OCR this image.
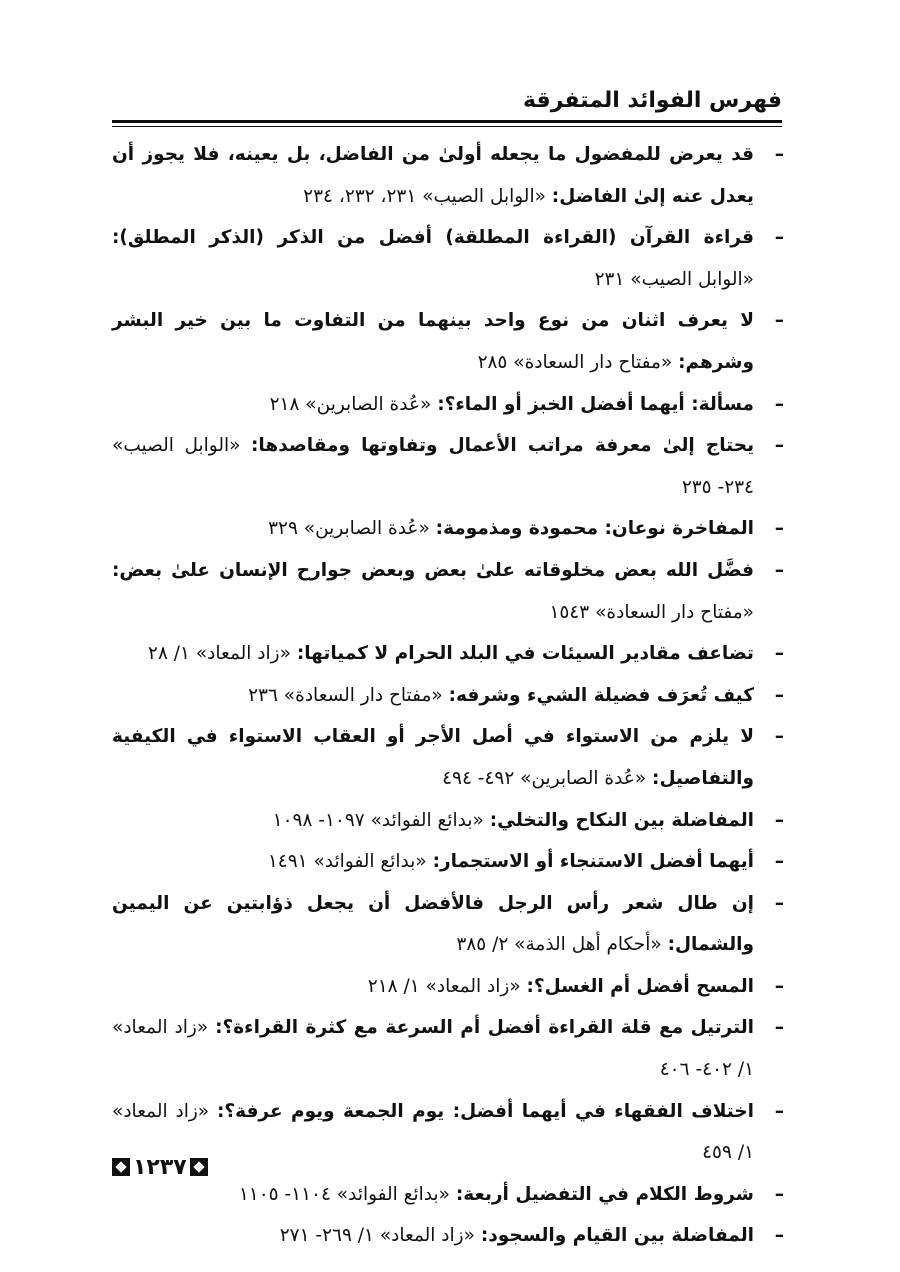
فهرس الفوائد المتفرقة
–
قد يعرض للمفضول ما يجعله أولىٰ من الفاضل، بل يعينه، فلا يجوز أن يعدل عنه إلىٰ الفاضل: «الوابل الصيب» ٢٣١، ٢٣٢، ٢٣٤
–
قراءة القرآن (القراءة المطلقة) أفضل من الذكر (الذكر المطلق): «الوابل الصيب» ٢٣١
–
لا يعرف اثنان من نوع واحد بينهما من التفاوت ما بين خير البشر وشرهم: «مفتاح دار السعادة» ٢٨٥
–
مسألة: أيهما أفضل الخبز أو الماء؟: «عُدة الصابرين» ٢١٨
–
يحتاج إلىٰ معرفة مراتب الأعمال وتفاوتها ومقاصدها: «الوابل الصيب» ٢٣٤- ٢٣٥
–
المفاخرة نوعان: محمودة ومذمومة: «عُدة الصابرين» ٣٢٩
–
فضَّل الله بعض مخلوقاته علىٰ بعض وبعض جوارح الإنسان علىٰ بعض: «مفتاح دار السعادة» ١٥٤٣
–
تضاعف مقادير السيئات في البلد الحرام لا كمياتها: «زاد المعاد» ١/ ٢٨
–
كيف تُعرَف فضيلة الشيء وشرفه: «مفتاح دار السعادة» ٢٣٦
–
لا يلزم من الاستواء في أصل الأجر أو العقاب الاستواء في الكيفية والتفاصيل: «عُدة الصابرين» ٤٩٢- ٤٩٤
–
المفاضلة بين النكاح والتخلي: «بدائع الفوائد» ١٠٩٧- ١٠٩٨
–
أيهما أفضل الاستنجاء أو الاستجمار: «بدائع الفوائد» ١٤٩١
–
إن طال شعر رأس الرجل فالأفضل أن يجعل ذؤابتين عن اليمين والشمال: «أحكام أهل الذمة» ٢/ ٣٨٥
–
المسح أفضل أم الغسل؟: «زاد المعاد» ١/ ٢١٨
–
الترتيل مع قلة القراءة أفضل أم السرعة مع كثرة القراءة؟: «زاد المعاد» ١/ ٤٠٢- ٤٠٦
–
اختلاف الفقهاء في أيهما أفضل: يوم الجمعة ويوم عرفة؟: «زاد المعاد» ١/ ٤٥٩
–
شروط الكلام في التفضيل أربعة: «بدائع الفوائد» ١١٠٤- ١١٠٥
–
المفاضلة بين القيام والسجود: «زاد المعاد» ١/ ٢٦٩- ٢٧١
١٢٣٧
